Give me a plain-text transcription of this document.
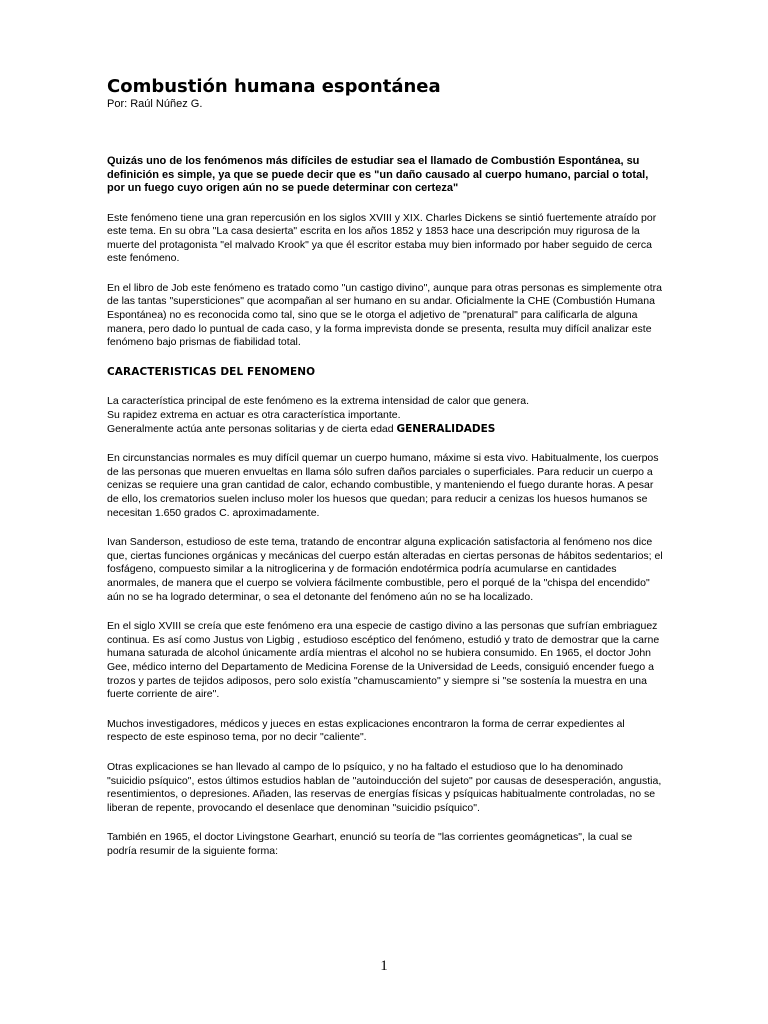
Combustión humana espontánea

Por: Raúl Núñez G.

Quizás uno de los fenómenos más difíciles de estudiar sea el llamado de Combustión Espontánea, su definición es simple, ya que se puede decir que es "un daño causado al cuerpo humano, parcial o total, por un fuego cuyo origen aún no se puede determinar con certeza"

Este fenómeno tiene una gran repercusión en los siglos XVIII y XIX. Charles Dickens se sintió fuertemente atraído por este tema. En su obra "La casa desierta" escrita en los años 1852 y 1853 hace una descripción muy rigurosa de la muerte del protagonista "el malvado Krook" ya que él escritor estaba muy bien informado por haber seguido de cerca este fenómeno.

En el libro de Job este fenómeno es tratado como "un castigo divino", aunque para otras personas es simplemente otra de las tantas "supersticiones" que acompañan al ser humano en su andar. Oficialmente la CHE (Combustión Humana Espontánea) no es reconocida como tal, sino que se le otorga el adjetivo de "prenatural" para calificarla de alguna manera, pero dado lo puntual de cada caso, y la forma imprevista donde se presenta, resulta muy difícil analizar este fenómeno bajo prismas de fiabilidad total.

CARACTERISTICAS DEL FENOMENO

La característica principal de este fenómeno es la extrema intensidad de calor que genera.
Su rapidez extrema en actuar es otra característica importante.
Generalmente actúa ante personas solitarias y de cierta edad GENERALIDADES

En circunstancias normales es muy difícil quemar un cuerpo humano, máxime si esta vivo. Habitualmente, los cuerpos de las personas que mueren envueltas en llama sólo sufren daños parciales o superficiales. Para reducir un cuerpo a cenizas se requiere una gran cantidad de calor, echando combustible, y manteniendo el fuego durante horas. A pesar de ello, los crematorios suelen incluso moler los huesos que quedan; para reducir a cenizas los huesos humanos se necesitan 1.650 grados C. aproximadamente.

Ivan Sanderson, estudioso de este tema, tratando de encontrar alguna explicación satisfactoria al fenómeno nos dice que, ciertas funciones orgánicas y mecánicas del cuerpo están alteradas en ciertas personas de hábitos sedentarios; el fosfágeno, compuesto similar a la nitroglicerina y de formación endotérmica podría acumularse en cantidades anormales, de manera que el cuerpo se volviera fácilmente combustible, pero el porqué de la "chispa del encendido" aún no se ha logrado determinar, o sea el detonante del fenómeno aún no se ha localizado.

En el siglo XVIII se creía que este fenómeno era una especie de castigo divino a las personas que sufrían embriaguez continua. Es así como Justus von Ligbig , estudioso escéptico del fenómeno, estudió y trato de demostrar que la carne humana saturada de alcohol únicamente ardía mientras el alcohol no se hubiera consumido. En 1965, el doctor John Gee, médico interno del Departamento de Medicina Forense de la Universidad de Leeds, consiguió encender fuego a trozos y partes de tejidos adiposos, pero solo existía "chamuscamiento" y siempre si "se sostenía la muestra en una fuerte corriente de aire".

Muchos investigadores, médicos y jueces en estas explicaciones encontraron la forma de cerrar expedientes al respecto de este espinoso tema, por no decir "caliente".

Otras explicaciones se han llevado al campo de lo psíquico, y no ha faltado el estudioso que lo ha denominado "suicidio psíquico", estos últimos estudios hablan de "autoinducción del sujeto" por causas de desesperación, angustia, resentimientos, o depresiones. Añaden, las reservas de energías físicas y psíquicas habitualmente controladas, no se liberan de repente, provocando el desenlace que denominan "suicidio psíquico".

También en 1965, el doctor Livingstone Gearhart, enunció su teoría de "las corrientes geomágneticas", la cual se podría resumir de la siguiente forma:

1
